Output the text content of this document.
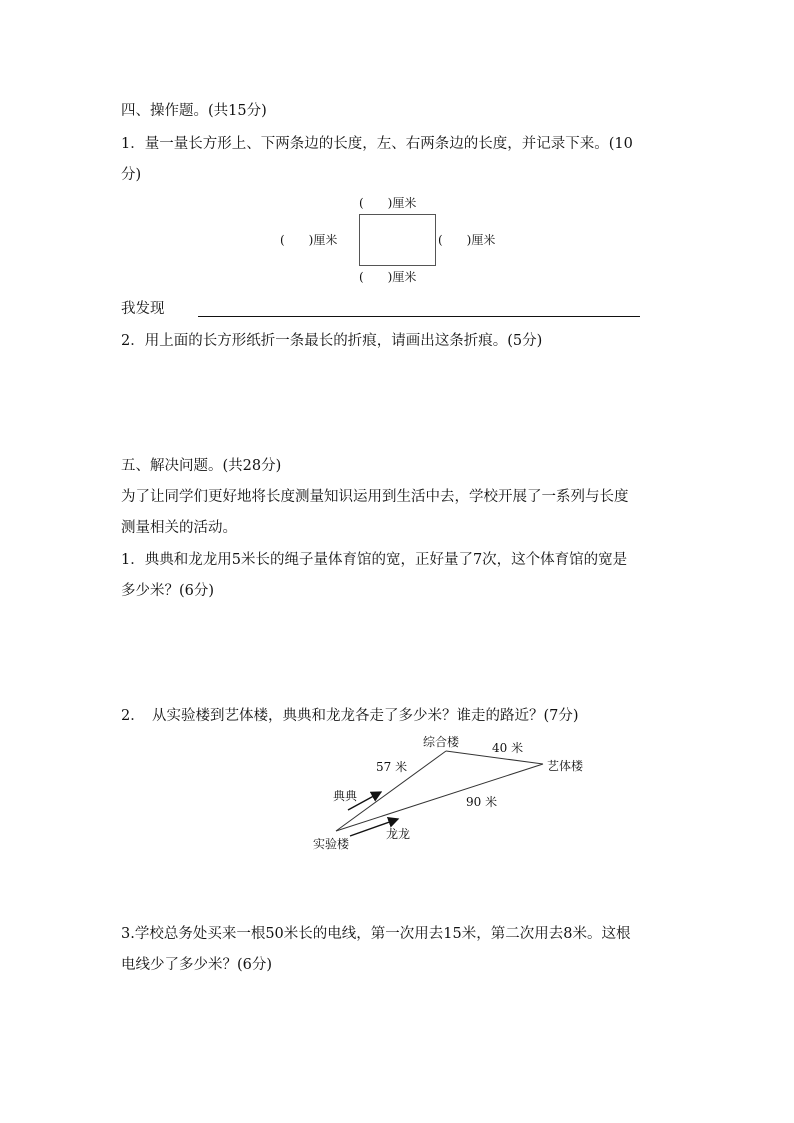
四、操作题。(共15分)
1．量一量长方形上、下两条边的长度，左、右两条边的长度，并记录下来。(10
分)
(　　)厘米
(　　)厘米	(　　)厘米
(　　)厘米
我发现
2．用上面的长方形纸折一条最长的折痕，请画出这条折痕。(5分)
五、解决问题。(共28分)
为了让同学们更好地将长度测量知识运用到生活中去，学校开展了一系列与长度
测量相关的活动。
1．典典和龙龙用5米长的绳子量体育馆的宽，正好量了7次，这个体育馆的宽是
多少米？(6分)
2．　从实验楼到艺体楼，典典和龙龙各走了多少米？谁走的路近？(7分)
综合楼	40 米
艺体楼
57 米
典典	90 米
龙龙
实验楼
3.学校总务处买来一根50米长的电线，第一次用去15米，第二次用去8米。这根
电线少了多少米？(6分)
